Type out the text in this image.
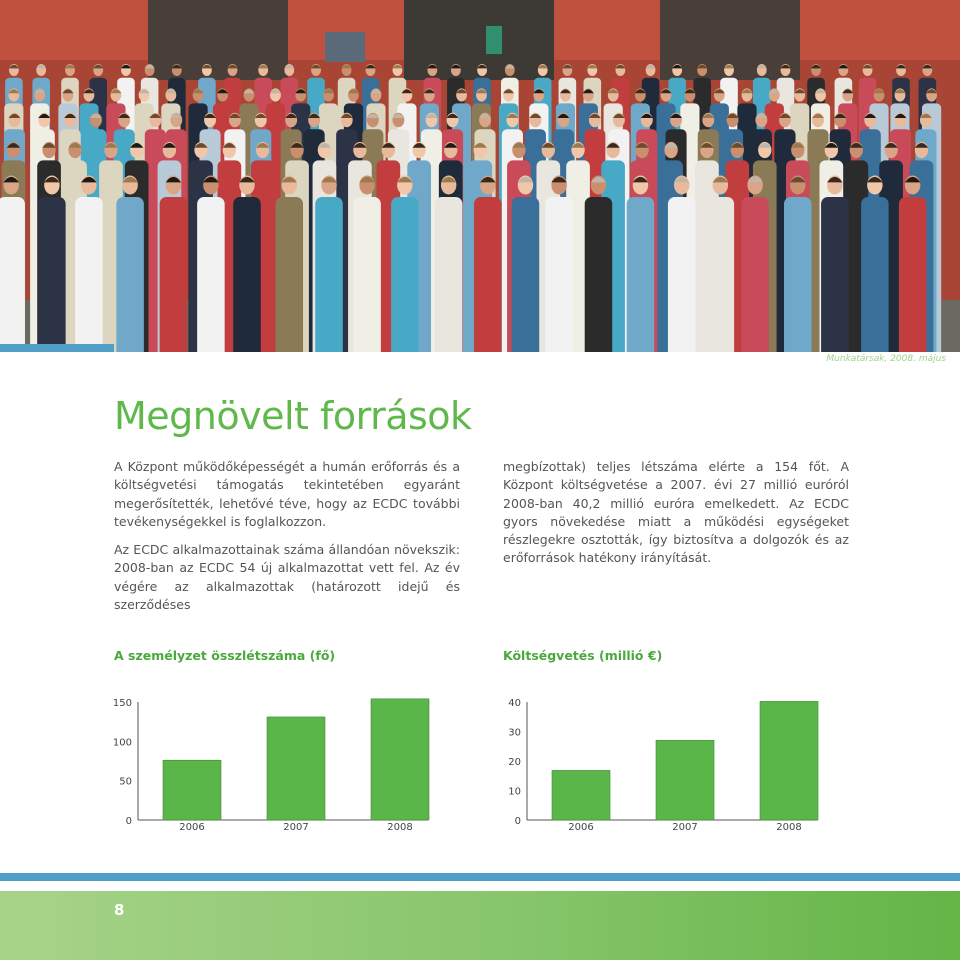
Munkatársak, 2008. május
Megnövelt források

A Központ működőképességét a humán erőforrás és a költségvetési támogatás tekintetében egyaránt megerősítették, lehetővé téve, hogy az ECDC további tevékenységekkel is foglalkozzon.

Az ECDC alkalmazottainak száma állandóan növekszik: 2008-ban az ECDC 54 új alkalmazottat vett fel. Az év végére az alkalmazottak (határozott idejű és szerződéses

megbízottak) teljes létszáma elérte a 154 főt. A Központ költségvetése a 2007. évi 27 millió euróról 2008-ban 40,2 millió euróra emelkedett. Az ECDC gyors növekedése miatt a működési egységeket részlegekre osztották, így biztosítva a dolgozók és az erőforrások hatékony irányítását.

A személyzet összlétszáma (fő)	Költségvetés (millió €)
150
100
50
0
2006	2007	2008
40
30
20
10
0
2006	2007	2008
8
